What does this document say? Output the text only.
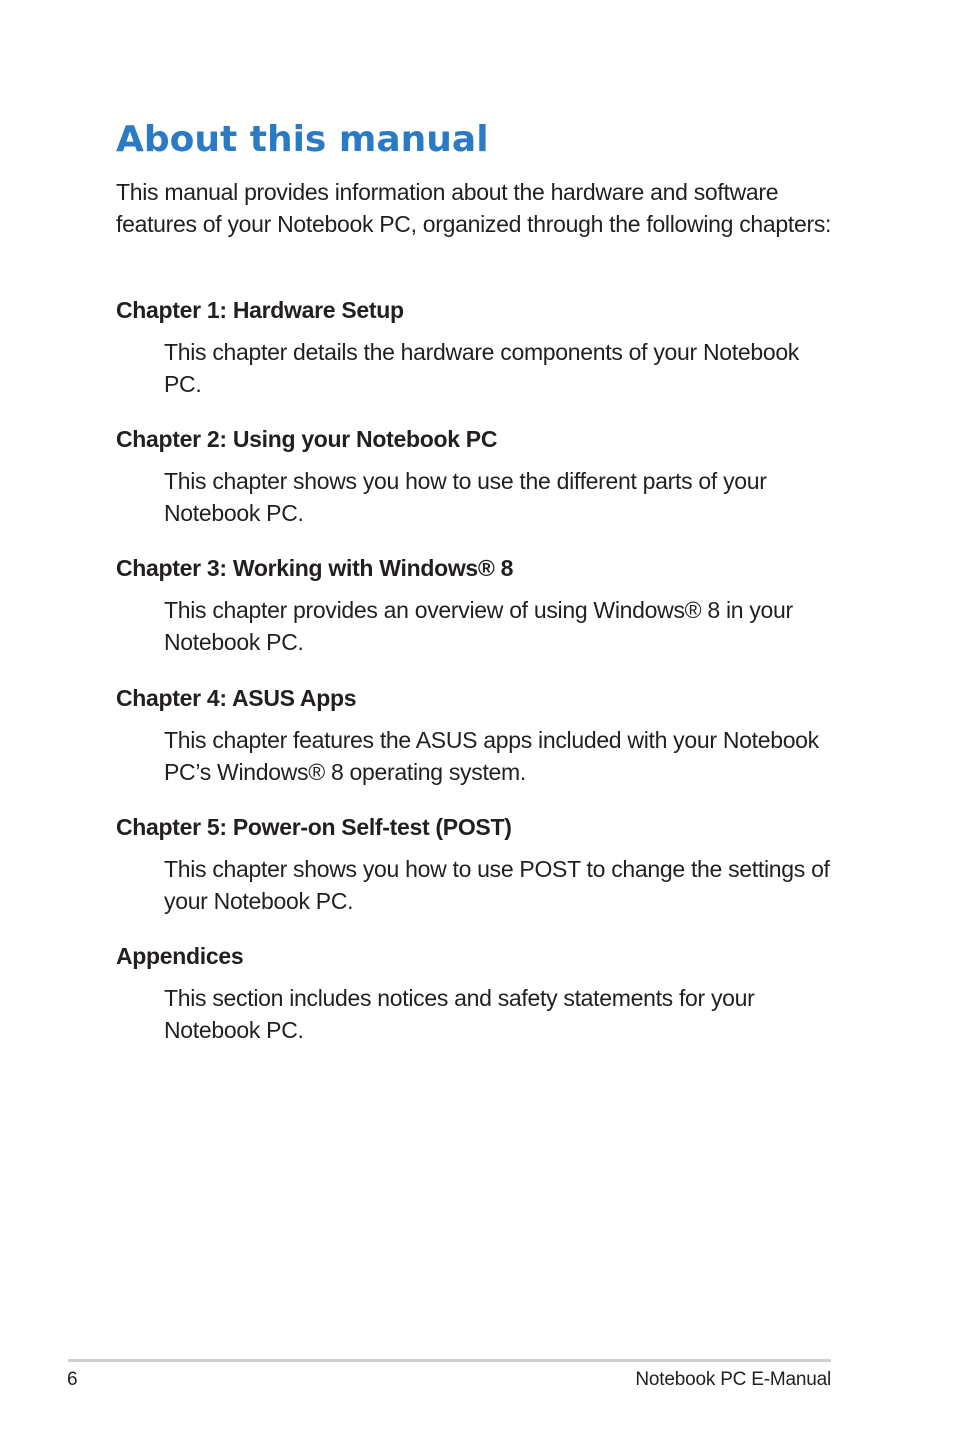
About this manual

This manual provides information about the hardware and software features of your Notebook PC, organized through the following chapters:

Chapter 1: Hardware Setup

This chapter details the hardware components of your Notebook PC.

Chapter 2: Using your Notebook PC

This chapter shows you how to use the different parts of your Notebook PC.

Chapter 3: Working with Windows® 8

This chapter provides an overview of using Windows® 8 in your Notebook PC.

Chapter 4: ASUS Apps

This chapter features the ASUS apps included with your Notebook PC’s Windows® 8 operating system.

Chapter 5: Power-on Self-test (POST)

This chapter shows you how to use POST to change the settings of your Notebook PC.

Appendices

This section includes notices and safety statements for your Notebook PC.

6	Notebook PC E-Manual
